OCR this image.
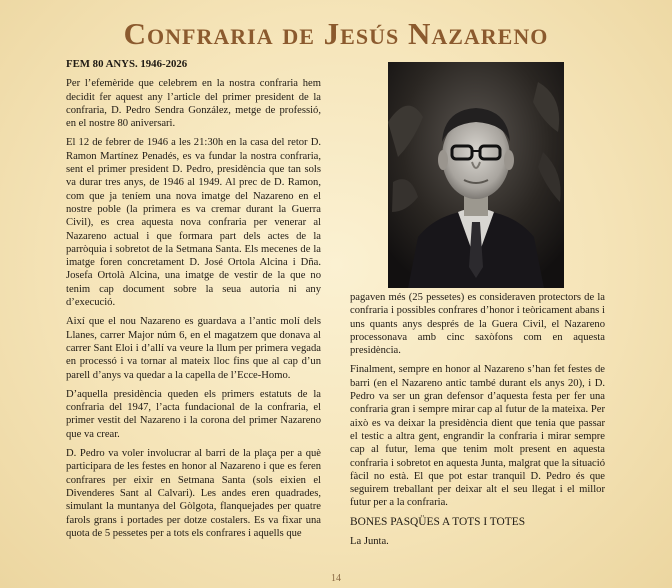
Confraria de Jesús Nazareno

FEM 80 ANYS. 1946-2026

Per l’efemèride que celebrem en la nostra confraria hem decidit fer aquest any l’article del primer president de la confraria, D. Pedro Sendra González, metge de professió, en el nostre 80 aniversari.

El 12 de febrer de 1946 a les 21:30h en la casa del retor D. Ramon Martínez Penadés, es va fundar la nostra confraria, sent el primer president D. Pedro, presidència que tan sols va durar tres anys, de 1946 al 1949. Al prec de D. Ramon, com que ja teníem una nova imatge del Nazareno en el nostre poble (la primera es va cremar durant la Guerra Civil), es crea aquesta nova confraria per venerar al Nazareno actual i que formara part dels actes de la parròquia i sobretot de la Setmana Santa. Els mecenes de la imatge foren concretament D. José Ortola Alcina i Dña. Josefa Ortolà Alcina, una imatge de vestir de la que no tenim cap document sobre la seua autoria ni any d’execució.

Així que el nou Nazareno es guardava a l’antic molí dels Llanes, carrer Major núm 6, en el magatzem que donava al carrer Sant Eloi i d’allí va veure la llum per primera vegada en processó i va tornar al mateix lloc fins que al cap d’un parell d’anys va quedar a la capella de l’Ecce-Homo.

D’aquella presidència queden els primers estatuts de la confraria del 1947, l’acta fundacional de la confraria, el primer vestit del Nazareno i la corona del primer Nazareno que va crear.

D. Pedro va voler involucrar al barri de la plaça per a què participara de les festes en honor al Nazareno i que es feren confrares per eixir en Setmana Santa (sols eixien el Divenderes Sant al Calvari). Les andes eren quadrades, simulant la muntanya del Gòlgota, flanquejades per quatre farols grans i portades per dotze costalers. Es va fixar una quota de 5 pessetes per a tots els confrares i aquells que

pagaven més (25 pessetes) es consideraven protectors de la confraria i possibles confrares d’honor i teòricament abans i uns quants anys després de la Guera Civil, el Nazareno processonava amb cinc saxòfons com en aquesta presidència.

Finalment, sempre en honor al Nazareno s’han fet festes de barri (en el Nazareno antic també durant els anys 20), i D. Pedro va ser un gran defensor d’aquesta festa per fer una confraria gran i sempre mirar cap al futur de la mateixa. Per això es va deixar la presidència dient que tenia que passar el testic a altra gent, engrandir la confraria i mirar sempre cap al futur, lema que tenim molt present en aquesta confraria i sobretot en aquesta Junta, malgrat que la situació fàcil no està. El que pot estar tranquil D. Pedro és que seguirem treballant per deixar alt el seu llegat i el millor futur per a la confraria.

BONES PASQÜES A TOTS I TOTES

La Junta.

14
